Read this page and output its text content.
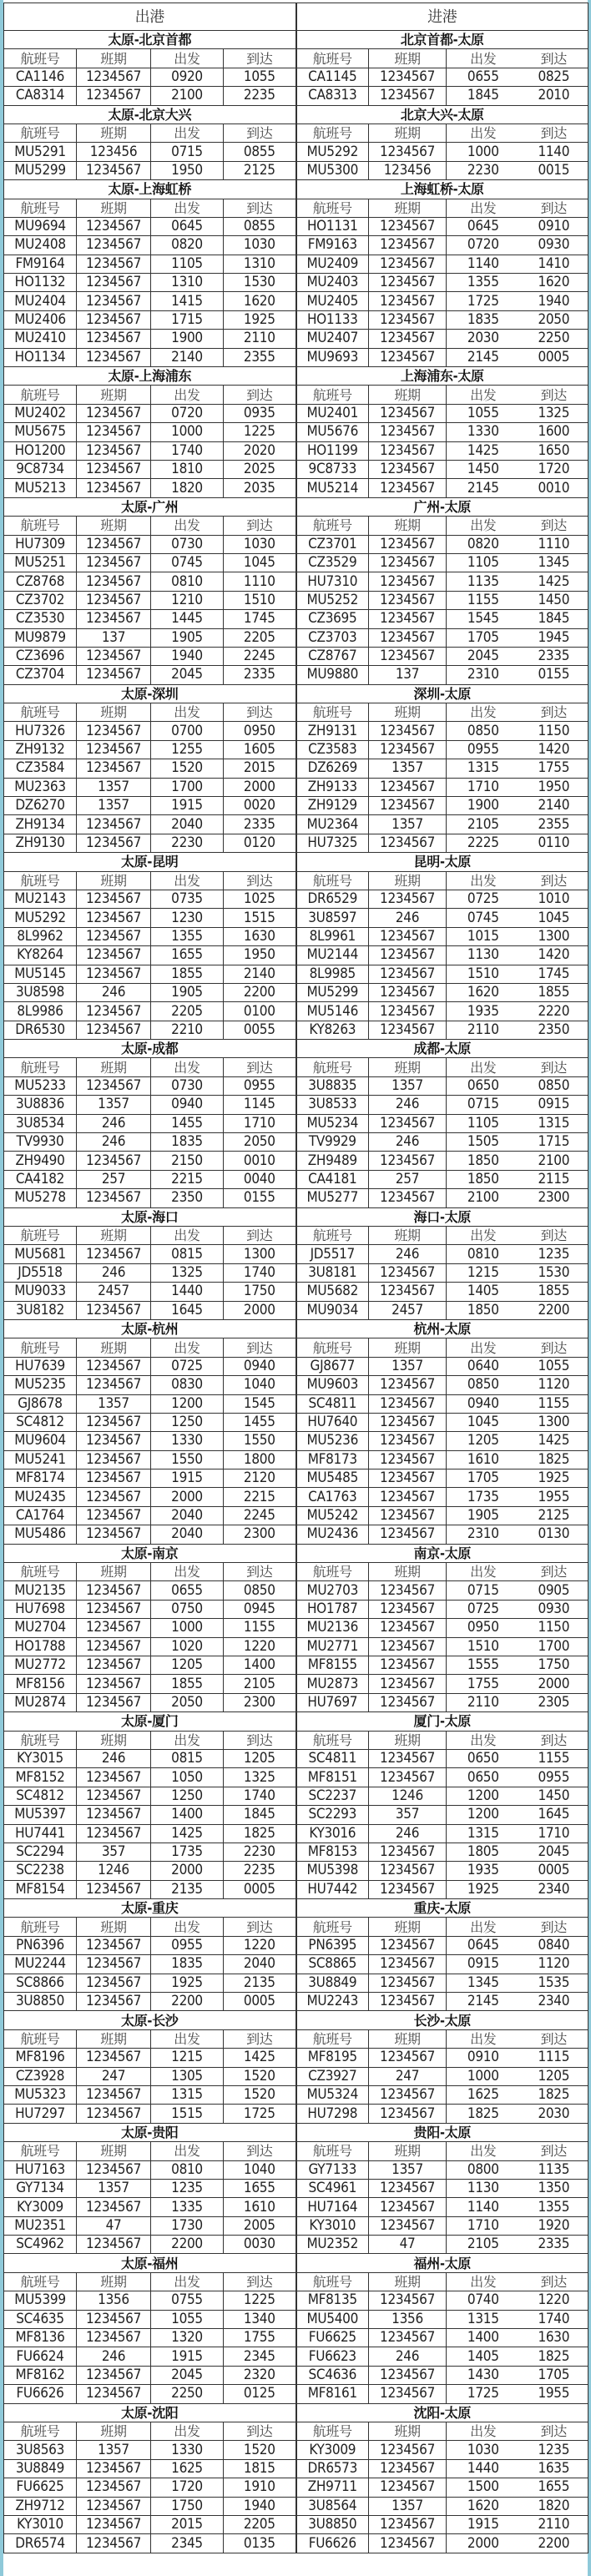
出港				进港			
太原-北京首都				北京首都-太原			
航班号	班期	出发	到达	航班号	班期	出发	到达
CA1146	1234567	0920	1055	CA1145	1234567	0655	0825
CA8314	1234567	2100	2235	CA8313	1234567	1845	2010
太原-北京大兴				北京大兴-太原			
航班号	班期	出发	到达	航班号	班期	出发	到达
MU5291	123456	0715	0855	MU5292	1234567	1000	1140
MU5299	1234567	1950	2125	MU5300	123456	2230	0015
太原-上海虹桥				上海虹桥-太原			
航班号	班期	出发	到达	航班号	班期	出发	到达
MU9694	1234567	0645	0855	HO1131	1234567	0645	0910
MU2408	1234567	0820	1030	FM9163	1234567	0720	0930
FM9164	1234567	1105	1310	MU2409	1234567	1140	1410
HO1132	1234567	1310	1530	MU2403	1234567	1355	1620
MU2404	1234567	1415	1620	MU2405	1234567	1725	1940
MU2406	1234567	1715	1925	HO1133	1234567	1835	2050
MU2410	1234567	1900	2110	MU2407	1234567	2030	2250
HO1134	1234567	2140	2355	MU9693	1234567	2145	0005
太原-上海浦东				上海浦东-太原			
航班号	班期	出发	到达	航班号	班期	出发	到达
MU2402	1234567	0720	0935	MU2401	1234567	1055	1325
MU5675	1234567	1000	1225	MU5676	1234567	1330	1600
HO1200	1234567	1740	2020	HO1199	1234567	1425	1650
9C8734	1234567	1810	2025	9C8733	1234567	1450	1720
MU5213	1234567	1820	2035	MU5214	1234567	2145	0010
太原-广州				广州-太原			
航班号	班期	出发	到达	航班号	班期	出发	到达
HU7309	1234567	0730	1030	CZ3701	1234567	0820	1110
MU5251	1234567	0745	1045	CZ3529	1234567	1105	1345
CZ8768	1234567	0810	1110	HU7310	1234567	1135	1425
CZ3702	1234567	1210	1510	MU5252	1234567	1155	1450
CZ3530	1234567	1445	1745	CZ3695	1234567	1545	1845
MU9879	137	1905	2205	CZ3703	1234567	1705	1945
CZ3696	1234567	1940	2245	CZ8767	1234567	2045	2335
CZ3704	1234567	2045	2335	MU9880	137	2310	0155
太原-深圳				深圳-太原			
航班号	班期	出发	到达	航班号	班期	出发	到达
HU7326	1234567	0700	0950	ZH9131	1234567	0850	1150
ZH9132	1234567	1255	1605	CZ3583	1234567	0955	1420
CZ3584	1234567	1520	2015	DZ6269	1357	1315	1755
MU2363	1357	1700	2000	ZH9133	1234567	1710	1950
DZ6270	1357	1915	0020	ZH9129	1234567	1900	2140
ZH9134	1234567	2040	2335	MU2364	1357	2105	2355
ZH9130	1234567	2230	0120	HU7325	1234567	2225	0110
太原-昆明				昆明-太原			
航班号	班期	出发	到达	航班号	班期	出发	到达
MU2143	1234567	0735	1025	DR6529	1234567	0725	1010
MU5292	1234567	1230	1515	3U8597	246	0745	1045
8L9962	1234567	1355	1630	8L9961	1234567	1015	1300
KY8264	1234567	1655	1950	MU2144	1234567	1130	1420
MU5145	1234567	1855	2140	8L9985	1234567	1510	1745
3U8598	246	1905	2200	MU5299	1234567	1620	1855
8L9986	1234567	2205	0100	MU5146	1234567	1935	2220
DR6530	1234567	2210	0055	KY8263	1234567	2110	2350
太原-成都				成都-太原			
航班号	班期	出发	到达	航班号	班期	出发	到达
MU5233	1234567	0730	0955	3U8835	1357	0650	0850
3U8836	1357	0940	1145	3U8533	246	0715	0915
3U8534	246	1455	1710	MU5234	1234567	1105	1315
TV9930	246	1835	2050	TV9929	246	1505	1715
ZH9490	1234567	2150	0010	ZH9489	1234567	1850	2100
CA4182	257	2215	0040	CA4181	257	1850	2115
MU5278	1234567	2350	0155	MU5277	1234567	2100	2300
太原-海口				海口-太原			
航班号	班期	出发	到达	航班号	班期	出发	到达
MU5681	1234567	0815	1300	JD5517	246	0810	1235
JD5518	246	1325	1740	3U8181	1234567	1215	1530
MU9033	2457	1440	1750	MU5682	1234567	1405	1855
3U8182	1234567	1645	2000	MU9034	2457	1850	2200
太原-杭州				杭州-太原			
航班号	班期	出发	到达	航班号	班期	出发	到达
HU7639	1234567	0725	0940	GJ8677	1357	0640	1055
MU5235	1234567	0830	1040	MU9603	1234567	0850	1120
GJ8678	1357	1200	1545	SC4811	1234567	0940	1155
SC4812	1234567	1250	1455	HU7640	1234567	1045	1300
MU9604	1234567	1330	1550	MU5236	1234567	1205	1425
MU5241	1234567	1550	1800	MF8173	1234567	1610	1825
MF8174	1234567	1915	2120	MU5485	1234567	1705	1925
MU2435	1234567	2000	2215	CA1763	1234567	1735	1955
CA1764	1234567	2040	2245	MU5242	1234567	1905	2125
MU5486	1234567	2040	2300	MU2436	1234567	2310	0130
太原-南京				南京-太原			
航班号	班期	出发	到达	航班号	班期	出发	到达
MU2135	1234567	0655	0850	MU2703	1234567	0715	0905
HU7698	1234567	0750	0945	HO1787	1234567	0725	0930
MU2704	1234567	1000	1155	MU2136	1234567	0950	1150
HO1788	1234567	1020	1220	MU2771	1234567	1510	1700
MU2772	1234567	1205	1400	MF8155	1234567	1555	1750
MF8156	1234567	1855	2105	MU2873	1234567	1755	2000
MU2874	1234567	2050	2300	HU7697	1234567	2110	2305
太原-厦门				厦门-太原			
航班号	班期	出发	到达	航班号	班期	出发	到达
KY3015	246	0815	1205	SC4811	1234567	0650	1155
MF8152	1234567	1050	1325	MF8151	1234567	0650	0955
SC4812	1234567	1250	1740	SC2237	1246	1200	1450
MU5397	1234567	1400	1845	SC2293	357	1200	1645
HU7441	1234567	1425	1825	KY3016	246	1315	1710
SC2294	357	1735	2230	MF8153	1234567	1805	2045
SC2238	1246	2000	2235	MU5398	1234567	1935	0005
MF8154	1234567	2135	0005	HU7442	1234567	1925	2340
太原-重庆				重庆-太原			
航班号	班期	出发	到达	航班号	班期	出发	到达
PN6396	1234567	0955	1220	PN6395	1234567	0645	0840
MU2244	1234567	1835	2040	SC8865	1234567	0915	1120
SC8866	1234567	1925	2135	3U8849	1234567	1345	1535
3U8850	1234567	2200	0005	MU2243	1234567	2145	2340
太原-长沙				长沙-太原			
航班号	班期	出发	到达	航班号	班期	出发	到达
MF8196	1234567	1215	1425	MF8195	1234567	0910	1115
CZ3928	247	1305	1520	CZ3927	247	1000	1205
MU5323	1234567	1315	1520	MU5324	1234567	1625	1825
HU7297	1234567	1515	1725	HU7298	1234567	1825	2030
太原-贵阳				贵阳-太原			
航班号	班期	出发	到达	航班号	班期	出发	到达
HU7163	1234567	0810	1040	GY7133	1357	0800	1135
GY7134	1357	1235	1655	SC4961	1234567	1130	1350
KY3009	1234567	1335	1610	HU7164	1234567	1140	1355
MU2351	47	1730	2005	KY3010	1234567	1710	1920
SC4962	1234567	2200	0030	MU2352	47	2105	2335
太原-福州				福州-太原			
航班号	班期	出发	到达	航班号	班期	出发	到达
MU5399	1356	0755	1225	MF8135	1234567	0740	1220
SC4635	1234567	1055	1340	MU5400	1356	1315	1740
MF8136	1234567	1320	1755	FU6625	1234567	1400	1630
FU6624	246	1915	2345	FU6623	246	1405	1825
MF8162	1234567	2045	2320	SC4636	1234567	1430	1705
FU6626	1234567	2250	0125	MF8161	1234567	1725	1955
太原-沈阳				沈阳-太原			
航班号	班期	出发	到达	航班号	班期	出发	到达
3U8563	1357	1330	1520	KY3009	1234567	1030	1235
3U8849	1234567	1625	1815	DR6573	1234567	1440	1635
FU6625	1234567	1720	1910	ZH9711	1234567	1500	1655
ZH9712	1234567	1750	1940	3U8564	1357	1620	1820
KY3010	1234567	2015	2205	3U8850	1234567	1915	2110
DR6574	1234567	2345	0135	FU6626	1234567	2000	2200
